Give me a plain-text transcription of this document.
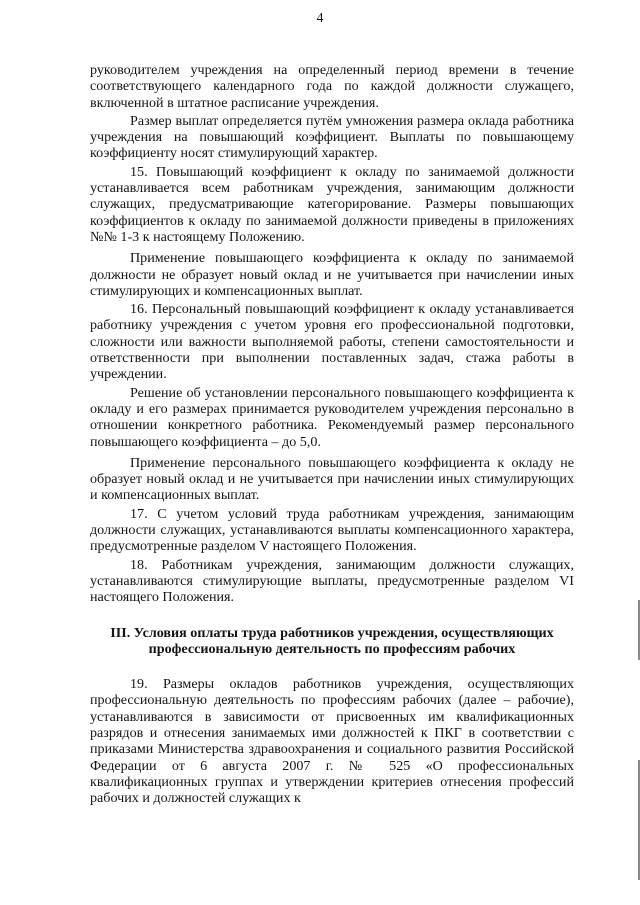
4

руководителем учреждения на определенный период времени в течение соответствующего календарного года по каждой должности служащего, включенной в штатное расписание учреждения.

Размер выплат определяется путём умножения размера оклада работника учреждения на повышающий коэффициент. Выплаты по повышающему коэффициенту носят стимулирующий характер.

15. Повышающий коэффициент к окладу по занимаемой должности устанавливается всем работникам учреждения, занимающим должности служащих, предусматривающие категорирование. Размеры повышающих коэффициентов к окладу по занимаемой должности приведены в приложениях №№ 1-3 к настоящему Положению.

Применение повышающего коэффициента к окладу по занимаемой должности не образует новый оклад и не учитывается при начислении иных стимулирующих и компенсационных выплат.

16. Персональный повышающий коэффициент к окладу устанавливается работнику учреждения с учетом уровня его профессиональной подготовки, сложности или важности выполняемой работы, степени самостоятельности и ответственности при выполнении поставленных задач, стажа работы в учреждении.

Решение об установлении персонального повышающего коэффициента к окладу и его размерах принимается руководителем учреждения персонально в отношении конкретного работника. Рекомендуемый размер персонального повышающего коэффициента – до 5,0.

Применение персонального повышающего коэффициента к окладу не образует новый оклад и не учитывается при начислении иных стимулирующих и компенсационных выплат.

17. С учетом условий труда работникам учреждения, занимающим должности служащих, устанавливаются выплаты компенсационного характера, предусмотренные разделом V настоящего Положения.

18. Работникам учреждения, занимающим должности служащих, устанавливаются стимулирующие выплаты, предусмотренные разделом VI настоящего Положения.

III. Условия оплаты труда работников учреждения, осуществляющих профессиональную деятельность по профессиям рабочих

19. Размеры окладов работников учреждения, осуществляющих профессиональную деятельность по профессиям рабочих (далее – рабочие), устанавливаются в зависимости от присвоенных им квалификационных разрядов и отнесения занимаемых ими должностей к ПКГ в соответствии с приказами Министерства здравоохранения и социального развития Российской Федерации от 6 августа 2007 г. № 525 «О профессиональных квалификационных группах и утверждении критериев отнесения профессий рабочих и должностей служащих к
